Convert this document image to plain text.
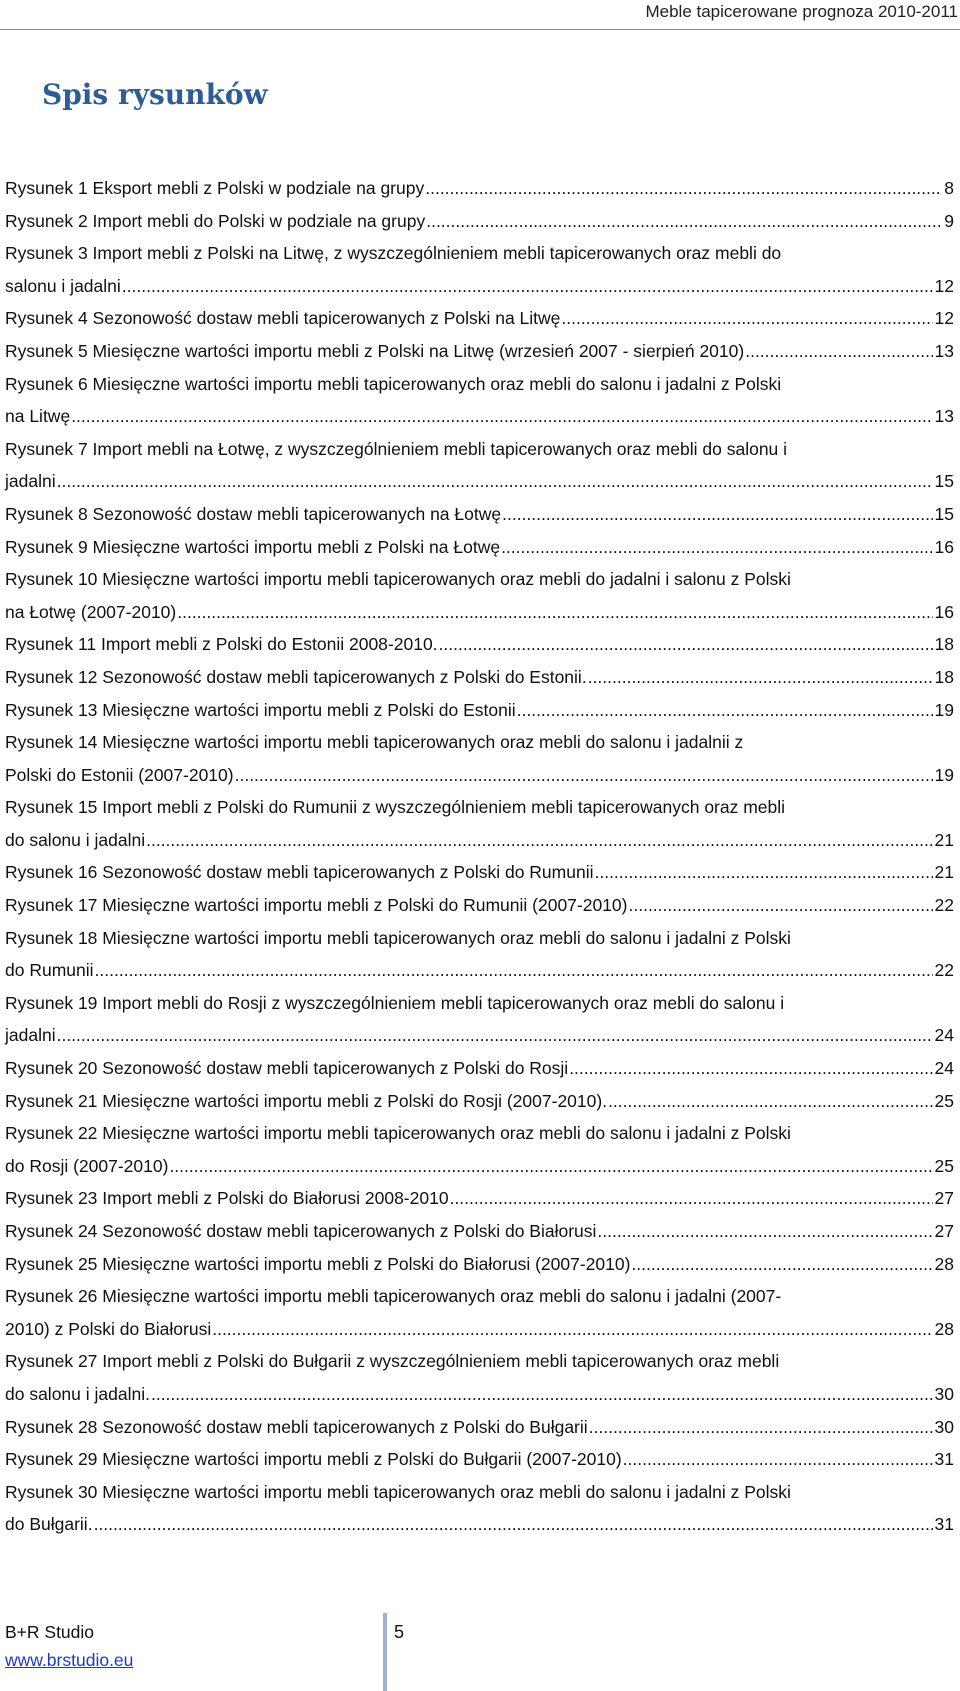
Meble tapicerowane prognoza 2010-2011
Spis rysunków
Rysunek 1 Eksport mebli z Polski w podziale na grupy .....	8
Rysunek 2 Import mebli do Polski w podziale na grupy .....	9
Rysunek 3 Import mebli z Polski na Litwę, z wyszczególnieniem mebli tapicerowanych oraz mebli do
salonu i jadalni .....	12
Rysunek 4 Sezonowość dostaw mebli tapicerowanych z Polski na Litwę .....	12
Rysunek 5 Miesięczne wartości importu mebli z Polski na Litwę (wrzesień 2007 - sierpień 2010) .....	13
Rysunek 6 Miesięczne wartości importu mebli tapicerowanych oraz mebli do salonu i jadalni z Polski
na Litwę .....	13
Rysunek 7 Import mebli na Łotwę, z wyszczególnieniem mebli tapicerowanych oraz mebli do salonu i
jadalni .....	15
Rysunek 8 Sezonowość dostaw mebli tapicerowanych na Łotwę .....	15
Rysunek 9 Miesięczne wartości importu mebli z Polski na Łotwę .....	16
Rysunek 10 Miesięczne wartości importu mebli tapicerowanych oraz mebli do jadalni i salonu z Polski
na Łotwę (2007-2010) .....	16
Rysunek 11 Import mebli z Polski do Estonii 2008-2010. .....	18
Rysunek 12 Sezonowość dostaw mebli tapicerowanych z Polski do Estonii. .....	18
Rysunek 13 Miesięczne wartości importu mebli z Polski do Estonii .....	19
Rysunek 14 Miesięczne wartości importu mebli tapicerowanych oraz mebli do salonu i jadalnii z
Polski do Estonii (2007-2010) .....	19
Rysunek 15 Import mebli z Polski do Rumunii z wyszczególnieniem mebli tapicerowanych oraz mebli
do salonu i jadalni .....	21
Rysunek 16 Sezonowość dostaw mebli tapicerowanych z Polski do Rumunii .....	21
Rysunek 17 Miesięczne wartości importu mebli z Polski do Rumunii (2007-2010) .....	22
Rysunek 18 Miesięczne wartości importu mebli tapicerowanych oraz mebli do salonu i jadalni z Polski
do Rumunii .....	22
Rysunek 19 Import mebli do Rosji z wyszczególnieniem mebli tapicerowanych oraz mebli do salonu i
jadalni .....	24
Rysunek 20 Sezonowość dostaw mebli tapicerowanych z Polski do Rosji .....	24
Rysunek 21 Miesięczne wartości importu mebli z Polski do Rosji (2007-2010). .....	25
Rysunek 22 Miesięczne wartości importu mebli tapicerowanych oraz mebli do salonu i jadalni z Polski
do Rosji (2007-2010) .....	25
Rysunek 23 Import mebli z Polski do Białorusi 2008-2010 .....	27
Rysunek 24 Sezonowość dostaw mebli tapicerowanych z Polski do Białorusi .....	27
Rysunek 25 Miesięczne wartości importu mebli z Polski do Białorusi (2007-2010) .....	28
Rysunek 26 Miesięczne wartości importu mebli tapicerowanych oraz mebli do salonu i jadalni (2007-
2010) z Polski do Białorusi .....	28
Rysunek 27 Import mebli z Polski do Bułgarii z wyszczególnieniem mebli tapicerowanych oraz mebli
do salonu i jadalni. .....	30
Rysunek 28 Sezonowość dostaw mebli tapicerowanych z Polski do Bułgarii .....	30
Rysunek 29 Miesięczne wartości importu mebli z Polski do Bułgarii (2007-2010) .....	31
Rysunek 30 Miesięczne wartości importu mebli tapicerowanych oraz mebli do salonu i jadalni z Polski
do Bułgarii. .....	31
B+R Studio
www.brstudio.eu
5
